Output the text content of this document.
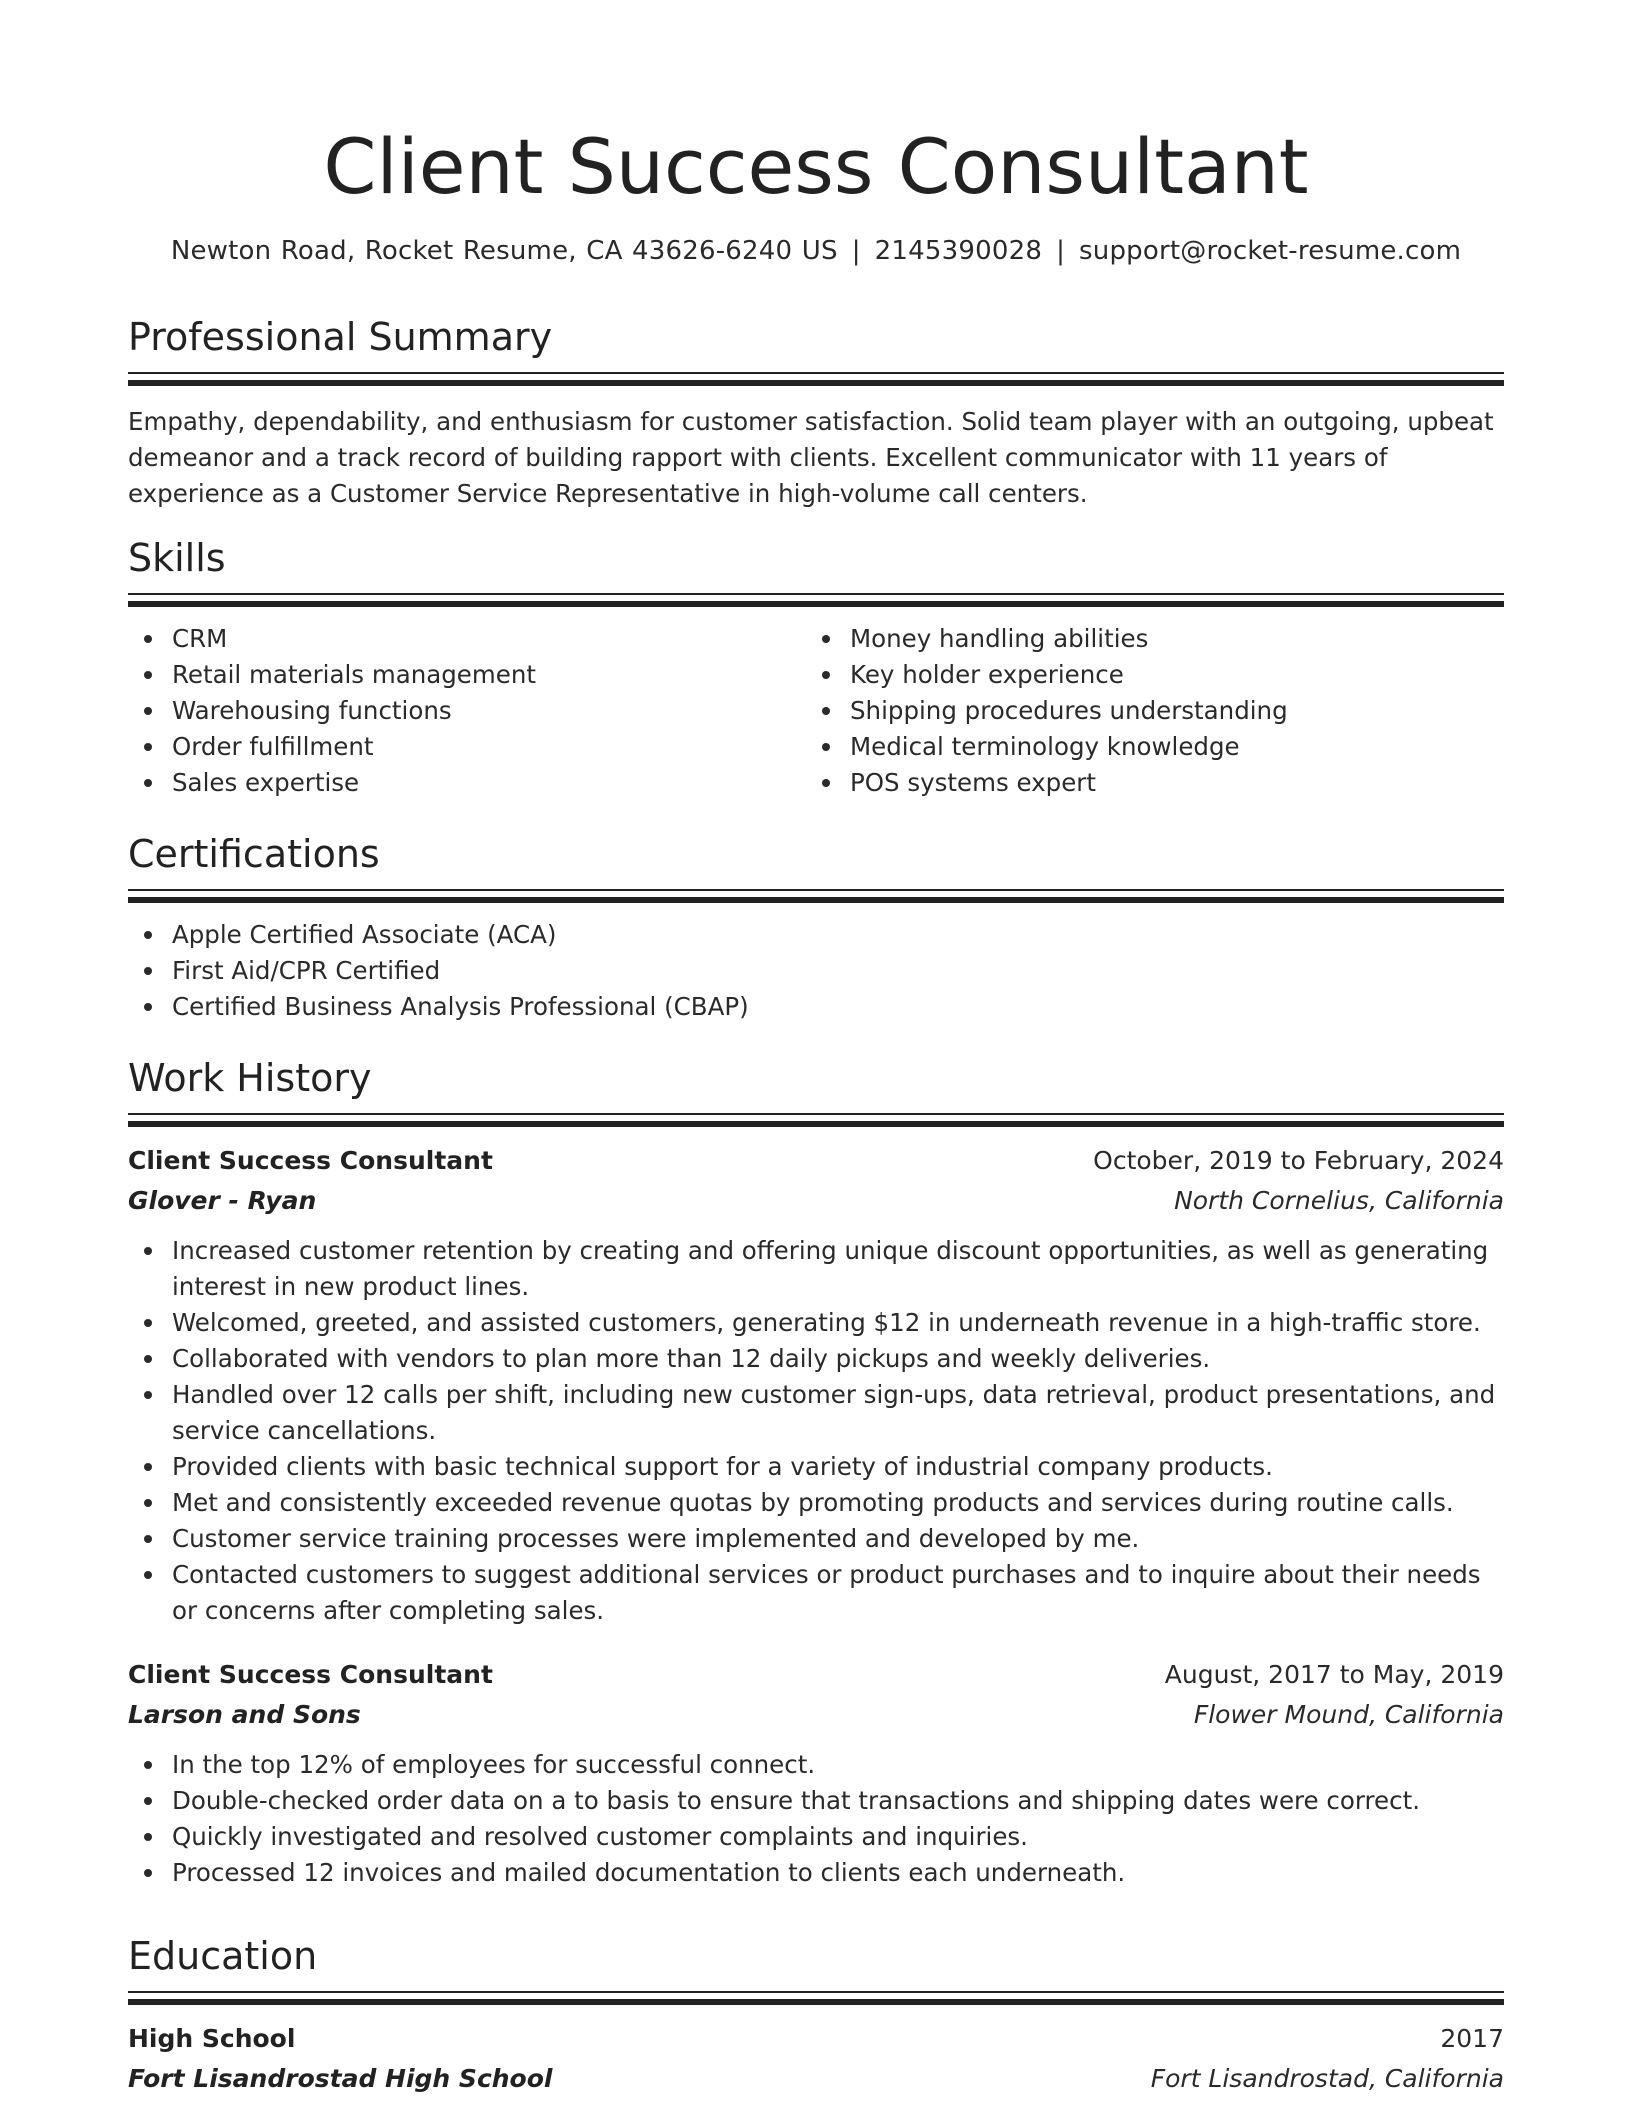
Client Success Consultant
Newton Road, Rocket Resume, CA 43626-6240 US | 2145390028 | support@rocket-resume.com
Professional Summary

Empathy, dependability, and enthusiasm for customer satisfaction. Solid team player with an outgoing, upbeat demeanor and a track record of building rapport with clients. Excellent communicator with 11 years of experience as a Customer Service Representative in high-volume call centers.

Skills
CRM
Retail materials management
Warehousing functions
Order fulfillment
Sales expertise
Money handling abilities
Key holder experience
Shipping procedures understanding
Medical terminology knowledge
POS systems expert
Certifications
Apple Certified Associate (ACA)
First Aid/CPR Certified
Certified Business Analysis Professional (CBAP)
Work History
Client Success Consultant	October, 2019 to February, 2024
Glover - Ryan	North Cornelius, California
Increased customer retention by creating and offering unique discount opportunities, as well as generating interest in new product lines.
Welcomed, greeted, and assisted customers, generating $12 in underneath revenue in a high-traffic store.
Collaborated with vendors to plan more than 12 daily pickups and weekly deliveries.
Handled over 12 calls per shift, including new customer sign-ups, data retrieval, product presentations, and service cancellations.
Provided clients with basic technical support for a variety of industrial company products.
Met and consistently exceeded revenue quotas by promoting products and services during routine calls.
Customer service training processes were implemented and developed by me.
Contacted customers to suggest additional services or product purchases and to inquire about their needs or concerns after completing sales.
Client Success Consultant	August, 2017 to May, 2019
Larson and Sons	Flower Mound, California
In the top 12% of employees for successful connect.
Double-checked order data on a to basis to ensure that transactions and shipping dates were correct.
Quickly investigated and resolved customer complaints and inquiries.
Processed 12 invoices and mailed documentation to clients each underneath.
Education
High School	2017
Fort Lisandrostad High School	Fort Lisandrostad, California
